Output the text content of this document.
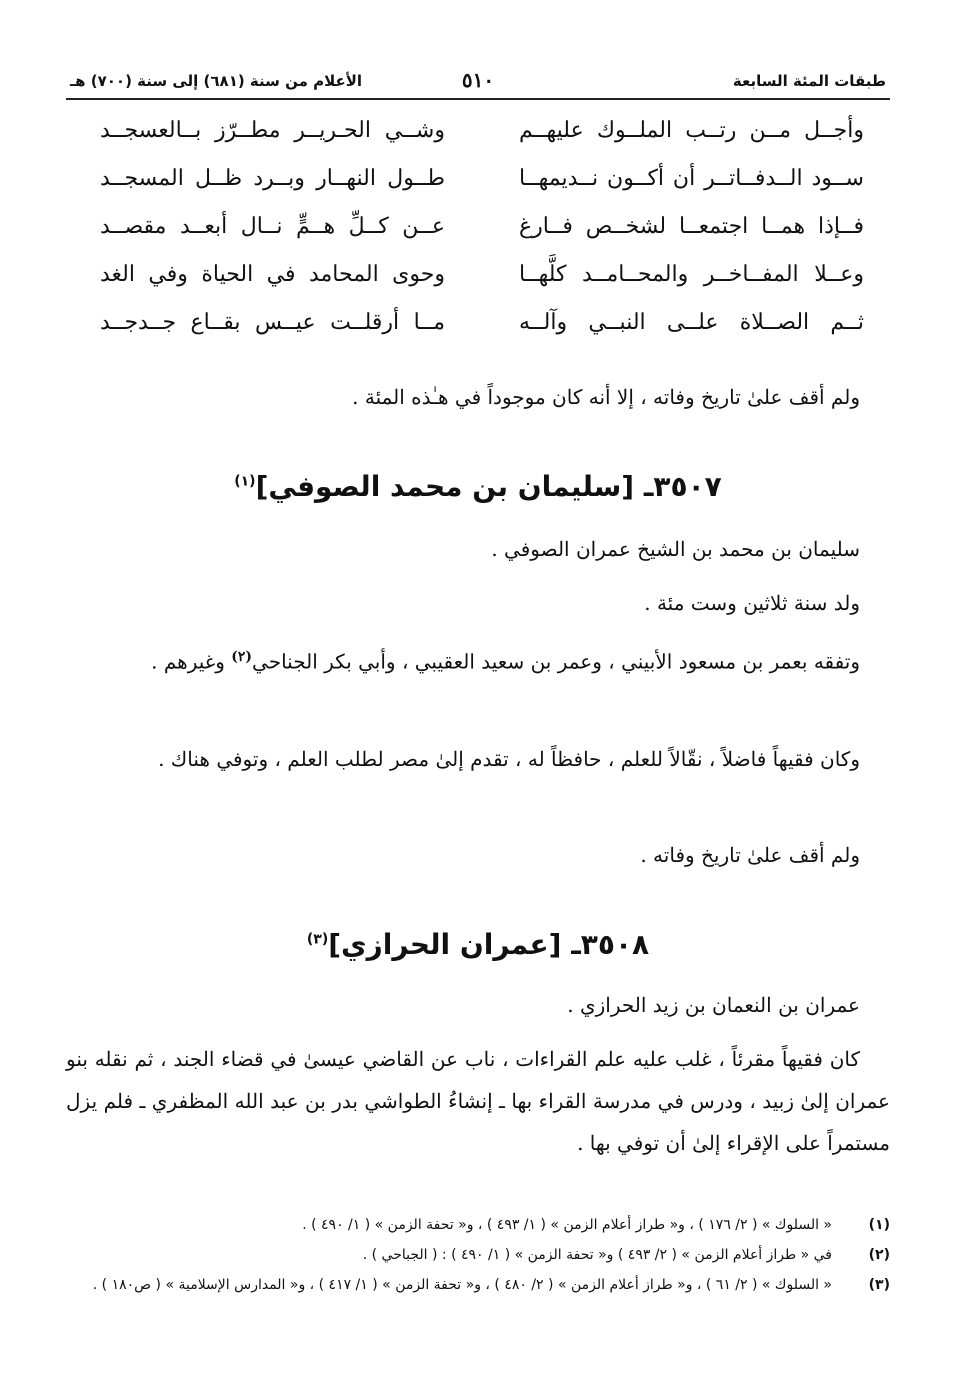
طبقات المئة السابعة
٥١٠
الأعلام من سنة (٦٨١) إلى سنة (٧٠٠) هـ
وأجــل مــن رتــب الملــوك عليهــم
وشــي الحـريــر مطــرّز بــالعسجــد
ســود الــدفــاتــر أن أكــون نــديمهــا
طــول النهــار وبــرد ظــل المسجــد
فــإذا همــا اجتمعــا لشخــص فــارغ
عــن كــلِّ هــمٍّ نــال أبعــد مقصــد
وعــلا المفــاخــر والمحــامــد كلَّهــا
وحوى المحامد في الحياة وفي الغد
ثــم الصــلاة علــى النبــي وآلــه
مــا أرقلــت عيــس بقــاع جــدجــد

ولم أقف علىٰ تاريخ وفاته ، إلا أنه كان موجوداً في هـٰذه المئة .

٣٥٠٧ـ [سليمان بن محمد الصوفي]$^{(١)}$

سليمان بن محمد بن الشيخ عمران الصوفي .

ولد سنة ثلاثين وست مئة .

وتفقه بعمر بن مسعود الأبيني ، وعمر بن سعيد العقيبي ، وأبي بكر الجناحي$^{(٢)}$ وغيرهم .

وكان فقيهاً فاضلاً ، نقّالاً للعلم ، حافظاً له ، تقدم إلىٰ مصر لطلب العلم ، وتوفي هناك .

ولم أقف علىٰ تاريخ وفاته .

٣٥٠٨ـ [عمران الحرازي]$^{(٣)}$

عمران بن النعمان بن زيد الحرازي .

كان فقيهاً مقرئاً ، غلب عليه علم القراءات ، ناب عن القاضي عيسىٰ في قضاء الجند ، ثم نقله بنو عمران إلىٰ زبيد ، ودرس في مدرسة القراء بها ـ إنشاءُ الطواشي بدر بن عبد الله المظفري ـ فلم يزل مستمراً على الإقراء إلىٰ أن توفي بها .

(١)
« السلوك » ( ٢/ ١٧٦ ) ، و« طراز أعلام الزمن » ( ١/ ٤٩٣ ) ، و« تحفة الزمن » ( ١/ ٤٩٠ ) .
(٢)
في « طراز أعلام الزمن » ( ٢/ ٤٩٣ ) و« تحفة الزمن » ( ١/ ٤٩٠ ) : ( الجباحي ) .
(٣)
« السلوك » ( ٢/ ٦١ ) ، و« طراز أعلام الزمن » ( ٢/ ٤٨٠ ) ، و« تحفة الزمن » ( ١/ ٤١٧ ) ، و« المدارس الإسلامية » ( ص١٨٠ ) .
